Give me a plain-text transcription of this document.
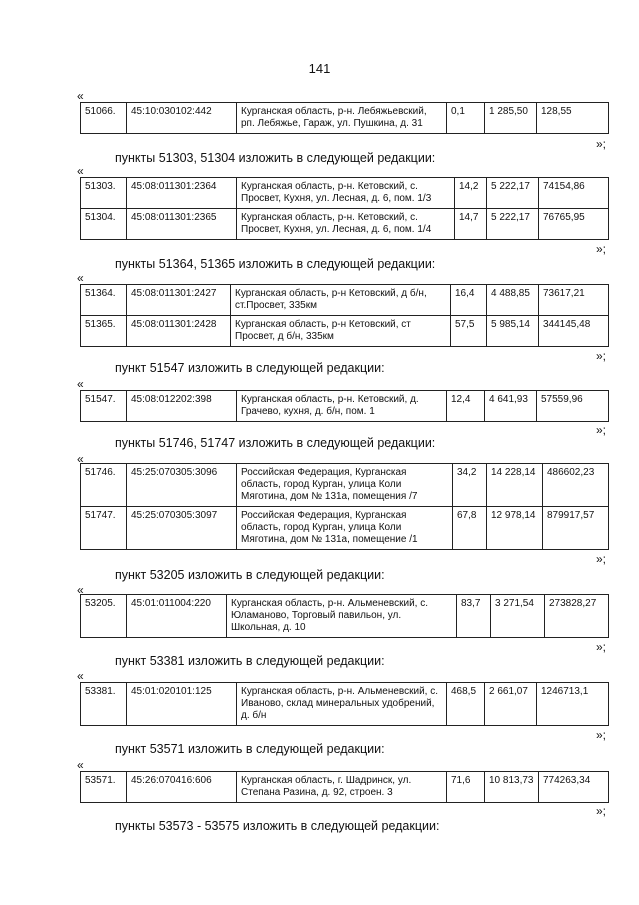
141
«
51066.	45:10:030102:442	Курганская область, р-н. Лебяжьевский, рп. Лебяжье, Гараж, ул. Пушкина, д. 31	0,1	1 285,50	128,55
»;
пункты 51303, 51304 изложить в следующей редакции:
«
51303.	45:08:011301:2364	Курганская область, р-н. Кетовский, с. Просвет, Кухня, ул. Лесная, д. 6, пом. 1/3	14,2	5 222,17	74154,86
51304.	45:08:011301:2365	Курганская область, р-н. Кетовский, с. Просвет, Кухня, ул. Лесная, д. 6, пом. 1/4	14,7	5 222,17	76765,95
»;
пункты 51364, 51365 изложить в следующей редакции:
«
51364.	45:08:011301:2427	Курганская область, р-н Кетовский, д б/н, ст.Просвет, 335км	16,4	4 488,85	73617,21
51365.	45:08:011301:2428	Курганская область, р-н Кетовский, ст Просвет, д б/н, 335км	57,5	5 985,14	344145,48
»;
пункт 51547 изложить в следующей редакции:
«
51547.	45:08:012202:398	Курганская область, р-н. Кетовский, д. Грачево, кухня, д. б/н, пом. 1	12,4	4 641,93	57559,96
»;
пункты 51746, 51747 изложить в следующей редакции:
«
51746.	45:25:070305:3096	Российская Федерация, Курганская область, город Курган, улица Коли Мяготина, дом № 131а, помещения /7	34,2	14 228,14	486602,23
51747.	45:25:070305:3097	Российская Федерация, Курганская область, город Курган, улица Коли Мяготина, дом № 131а, помещение /1	67,8	12 978,14	879917,57
»;
пункт 53205 изложить в следующей редакции:
«
53205.	45:01:011004:220	Курганская область, р-н. Альменевский, с. Юламаново, Торговый павильон, ул. Школьная, д. 10	83,7	3 271,54	273828,27
»;
пункт 53381 изложить в следующей редакции:
«
53381.	45:01:020101:125	Курганская область, р-н. Альменевский, с. Иваново, склад минеральных удобрений, д. б/н	468,5	2 661,07	1246713,1
»;
пункт 53571 изложить в следующей редакции:
«
53571.	45:26:070416:606	Курганская область, г. Шадринск, ул. Степана Разина, д. 92, строен. 3	71,6	10 813,73	774263,34
»;
пункты 53573 - 53575 изложить в следующей редакции:
